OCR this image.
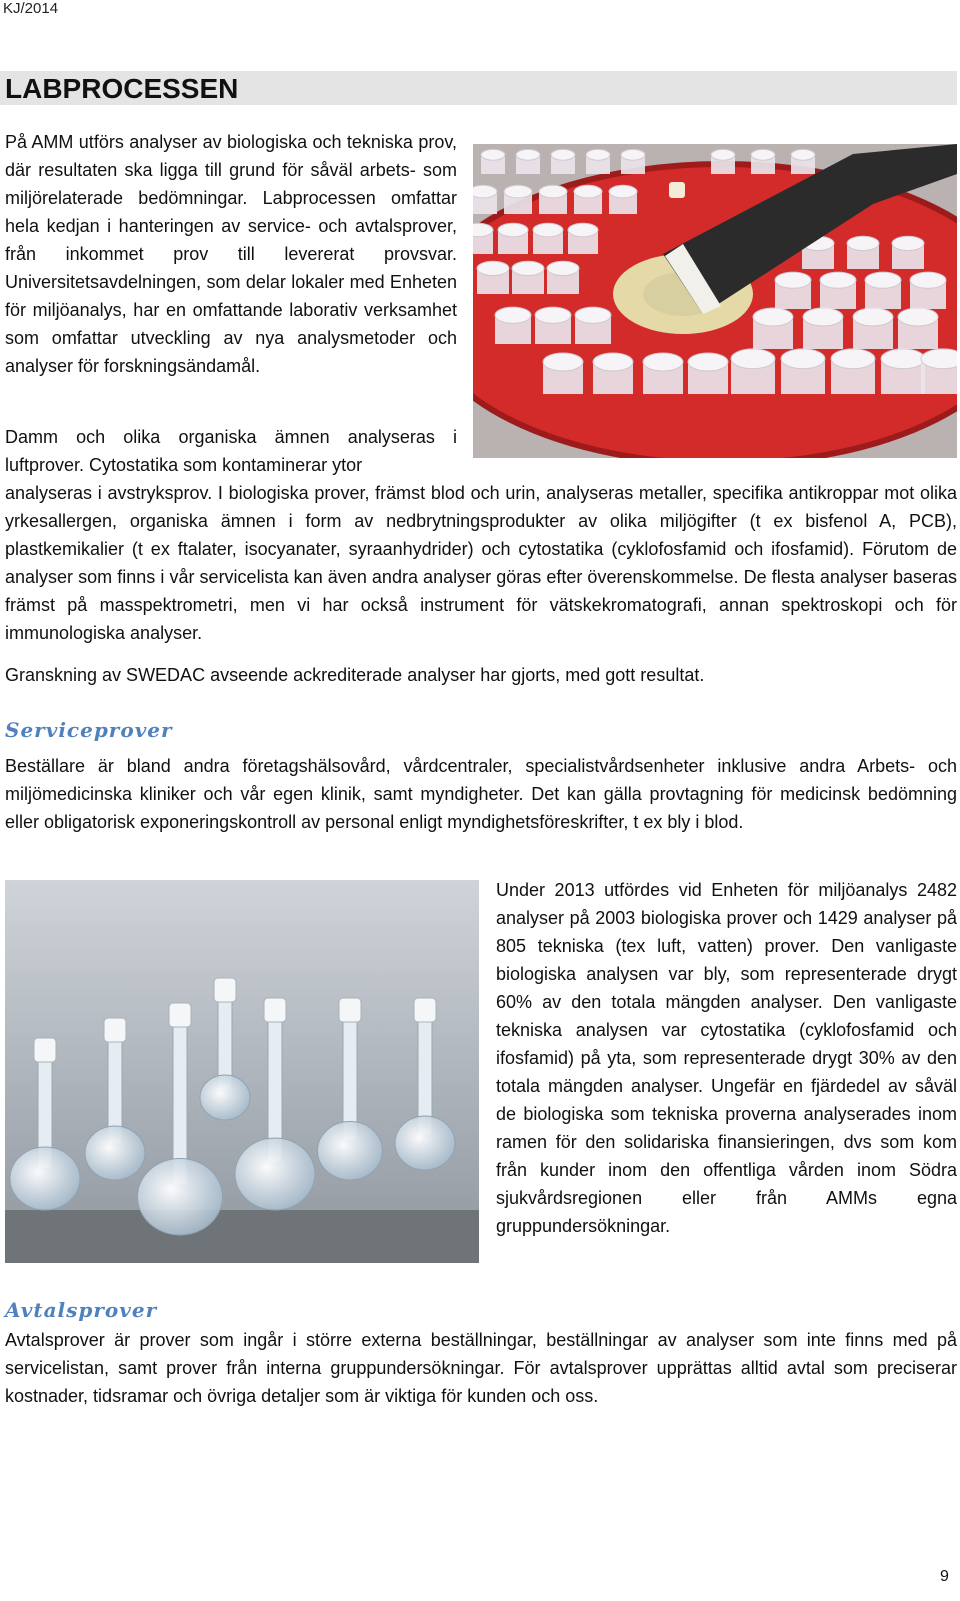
KJ/2014
LABPROCESSEN

På AMM utförs analyser av biologiska och tekniska prov, där resultaten ska ligga till grund för såväl arbets- som miljörelaterade bedömningar. Labprocessen omfattar hela kedjan i hanteringen av service- och avtalsprover, från inkommet prov till levererat provsvar. Universitetsavdelningen, som delar lokaler med Enheten för miljöanalys, har en omfattande laborativ verksamhet som omfattar utveckling av nya analysmetoder och analyser för forskningsändamål.

Damm och olika organiska ämnen analyseras i luftprover. Cytostatika som kontaminerar ytor

analyseras i avstryksprov. I biologiska prover, främst blod och urin, analyseras metaller, specifika antikroppar mot olika yrkesallergen, organiska ämnen i form av nedbrytningsprodukter av olika miljögifter (t ex bisfenol A, PCB), plastkemikalier (t ex ftalater, isocyanater, syraanhydrider) och cytostatika (cyklofosfamid och ifosfamid). Förutom de analyser som finns i vår servicelista kan även andra analyser göras efter överenskommelse. De flesta analyser baseras främst på masspektrometri, men vi har också instrument för vätskekromatografi, annan spektroskopi och för immunologiska analyser.

Granskning av SWEDAC avseende ackrediterade analyser har gjorts, med gott resultat.

Serviceprover

Beställare är bland andra företagshälsovård, vårdcentraler, specialistvårdsenheter inklusive andra Arbets- och miljömedicinska kliniker och vår egen klinik, samt myndigheter. Det kan gälla provtagning för medicinsk bedömning eller obligatorisk exponeringskontroll av personal enligt myndighetsföreskrifter, t ex bly i blod.

Under 2013 utfördes vid Enheten för miljöanalys 2482 analyser på 2003 biologiska prover och 1429 analyser på 805 tekniska (tex luft, vatten) prover. Den vanligaste biologiska analysen var bly, som representerade drygt 60% av den totala mängden analyser. Den vanligaste tekniska analysen var cytostatika (cyklofosfamid och ifosfamid) på yta, som representerade drygt 30% av den totala mängden analyser. Ungefär en fjärdedel av såväl de biologiska som tekniska proverna analyserades inom ramen för den solidariska finansieringen, dvs som kom från kunder inom den offentliga vården inom Södra sjukvårdsregionen eller från AMMs egna gruppundersökningar.

Avtalsprover

Avtalsprover är prover som ingår i större externa beställningar, beställningar av analyser som inte finns med på servicelistan, samt prover från interna gruppundersökningar. För avtalsprover upprättas alltid avtal som preciserar kostnader, tidsramar och övriga detaljer som är viktiga för kunden och oss.

9
